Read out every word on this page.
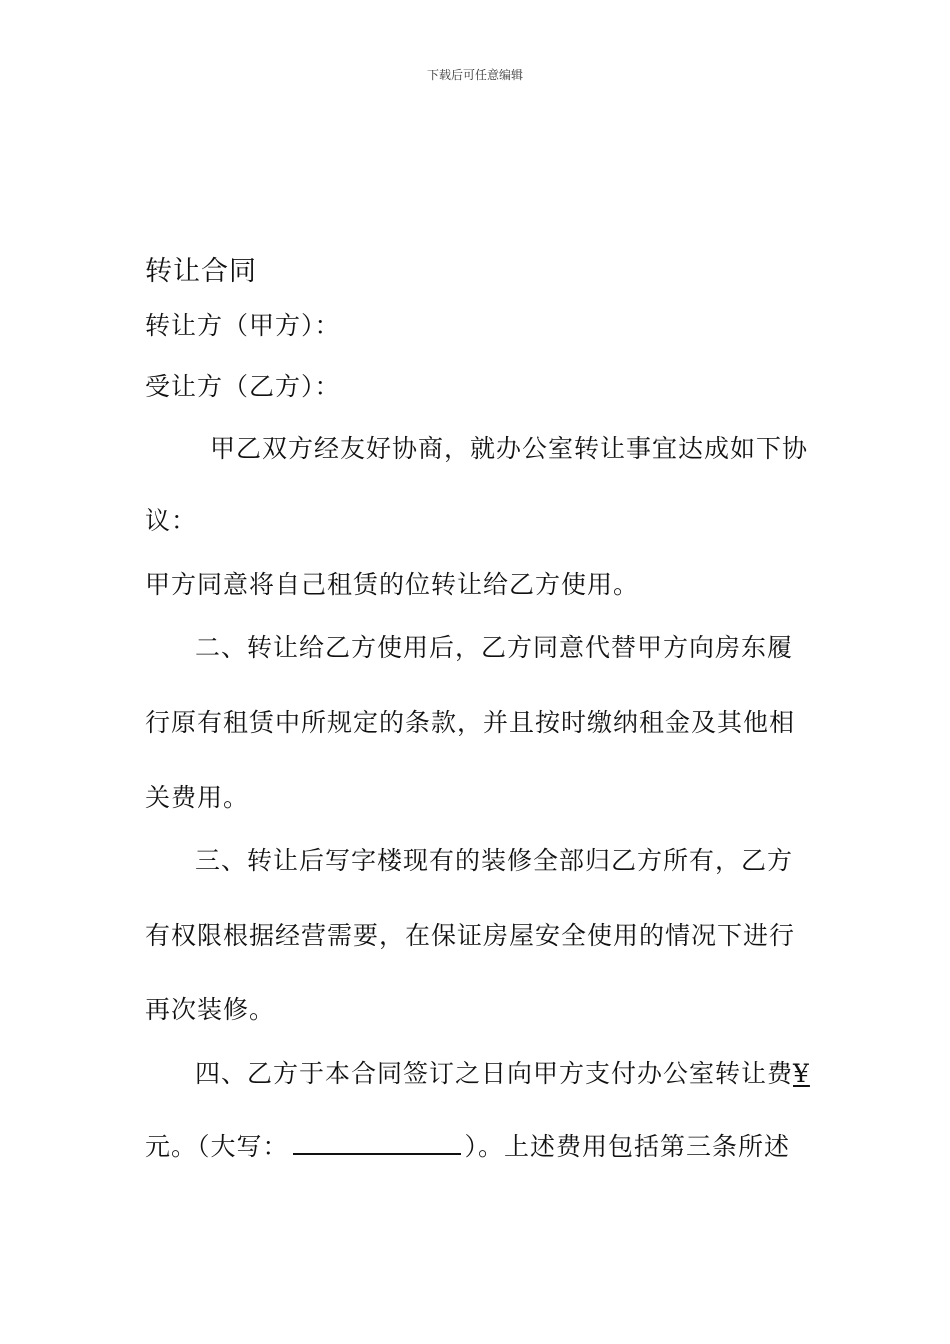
下载后可任意编辑
转让合同
转让方（甲方）：
受让方（乙方）：
甲乙双方经友好协商，就办公室转让事宜达成如下协
议：
甲方同意将自己租赁的位转让给乙方使用。
二、转让给乙方使用后，乙方同意代替甲方向房东履
行原有租赁中所规定的条款，并且按时缴纳租金及其他相
关费用。
三、转让后写字楼现有的装修全部归乙方所有，乙方
有权限根据经营需要，在保证房屋安全使用的情况下进行
再次装修。
四、乙方于本合同签订之日向甲方支付办公室转让费¥
元。（大写：	）。上述费用包括第三条所述
